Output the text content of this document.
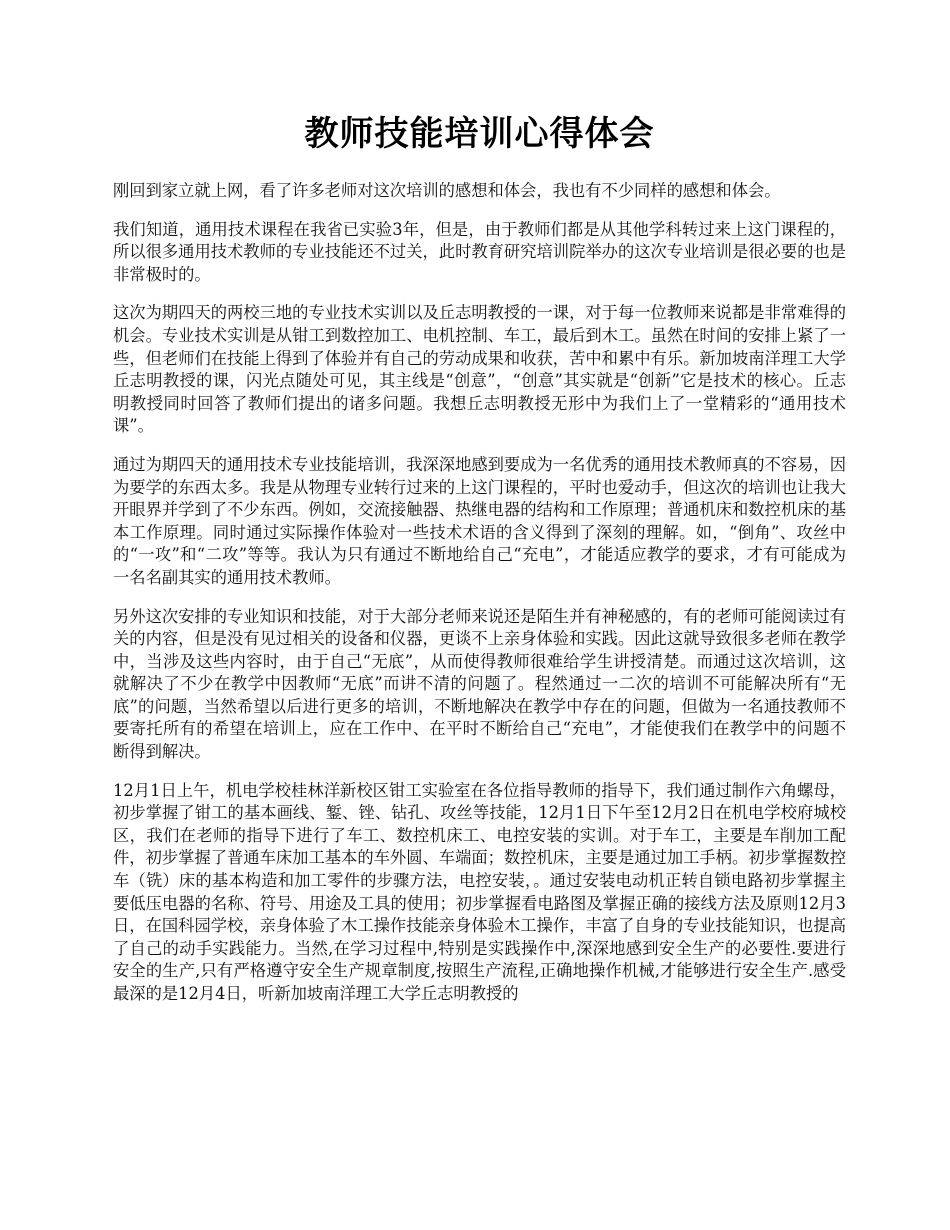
教师技能培训心得体会

刚回到家立就上网，看了许多老师对这次培训的感想和体会，我也有不少同样的感想和体会。

我们知道，通用技术课程在我省已实验3年，但是，由于教师们都是从其他学科转过来上这门课程的，所以很多通用技术教师的专业技能还不过关，此时教育研究培训院举办的这次专业培训是很必要的也是非常极时的。

这次为期四天的两校三地的专业技术实训以及丘志明教授的一课，对于每一位教师来说都是非常难得的机会。专业技术实训是从钳工到数控加工、电机控制、车工，最后到木工。虽然在时间的安排上紧了一些，但老师们在技能上得到了体验并有自己的劳动成果和收获，苦中和累中有乐。新加坡南洋理工大学丘志明教授的课，闪光点随处可见，其主线是“创意”，“创意”其实就是“创新”它是技术的核心。丘志明教授同时回答了教师们提出的诸多问题。我想丘志明教授无形中为我们上了一堂精彩的“通用技术课”。

通过为期四天的通用技术专业技能培训，我深深地感到要成为一名优秀的通用技术教师真的不容易，因为要学的东西太多。我是从物理专业转行过来的上这门课程的，平时也爱动手，但这次的培训也让我大开眼界并学到了不少东西。例如，交流接触器、热继电器的结构和工作原理；普通机床和数控机床的基本工作原理。同时通过实际操作体验对一些技术术语的含义得到了深刻的理解。如，“倒角”、攻丝中的“一攻”和“二攻”等等。我认为只有通过不断地给自己“充电”，才能适应教学的要求，才有可能成为一名名副其实的通用技术教师。

另外这次安排的专业知识和技能，对于大部分老师来说还是陌生并有神秘感的，有的老师可能阅读过有关的内容，但是没有见过相关的设备和仪器，更谈不上亲身体验和实践。因此这就导致很多老师在教学中，当涉及这些内容时，由于自己“无底”，从而使得教师很难给学生讲授清楚。而通过这次培训，这就解决了不少在教学中因教师“无底”而讲不清的问题了。程然通过一二次的培训不可能解决所有“无底”的问题，当然希望以后进行更多的培训，不断地解决在教学中存在的问题，但做为一名通技教师不要寄托所有的希望在培训上，应在工作中、在平时不断给自己“充电”，才能使我们在教学中的问题不断得到解决。

12月1日上午，机电学校桂林洋新校区钳工实验室在各位指导教师的指导下，我们通过制作六角螺母，初步掌握了钳工的基本画线、錾、锉、钻孔、攻丝等技能，12月1日下午至12月2日在机电学校府城校区，我们在老师的指导下进行了车工、数控机床工、电控安装的实训。对于车工，主要是车削加工配件，初步掌握了普通车床加工基本的车外圆、车端面；数控机床，主要是通过加工手柄。初步掌握数控车（铣）床的基本构造和加工零件的步骤方法，电控安装，。通过安装电动机正转自锁电路初步掌握主要低压电器的名称、符号、用途及工具的使用；初步掌握看电路图及掌握正确的接线方法及原则12月3日，在国科园学校，亲身体验了木工操作技能亲身体验木工操作，丰富了自身的专业技能知识，也提高了自己的动手实践能力。当然,在学习过程中,特别是实践操作中,深深地感到安全生产的必要性.要进行安全的生产,只有严格遵守安全生产规章制度,按照生产流程,正确地操作机械,才能够进行安全生产.感受最深的是12月4日，听新加坡南洋理工大学丘志明教授的
